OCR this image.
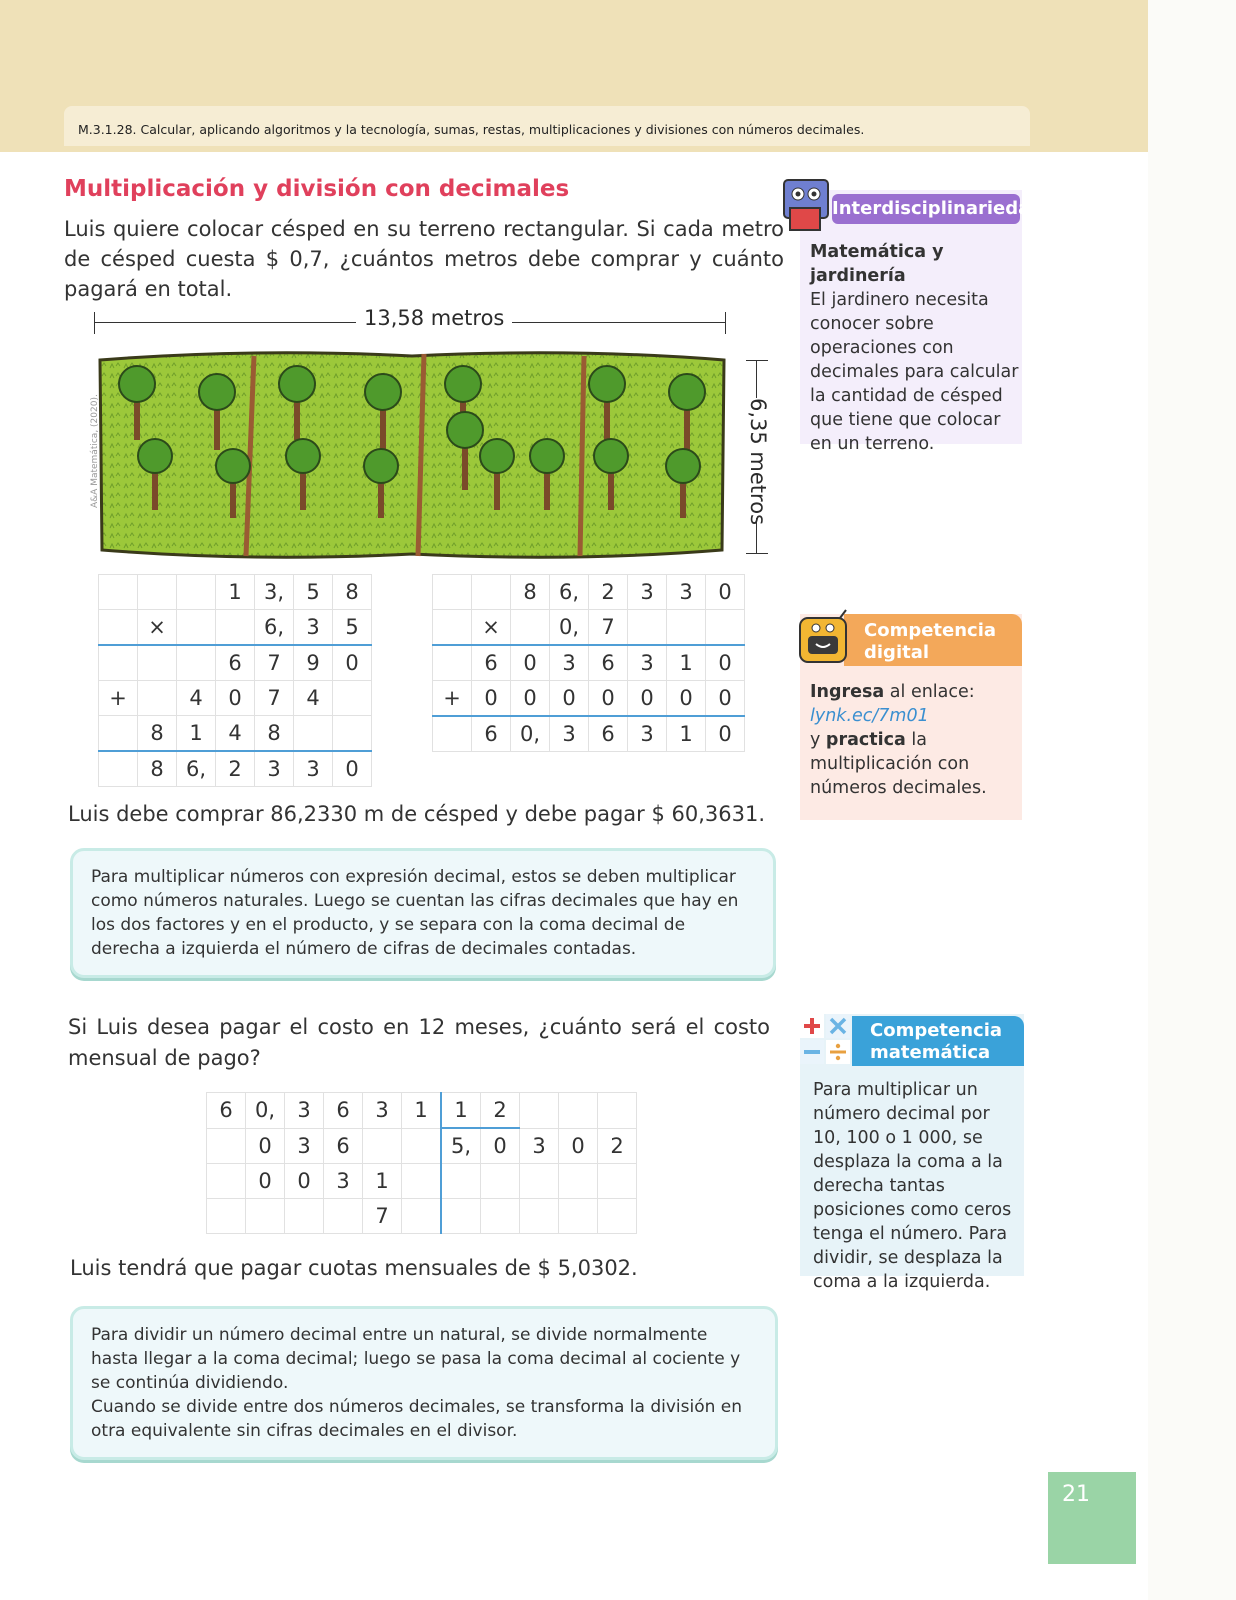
M.3.1.28. Calcular, aplicando algoritmos y la tecnología, sumas, restas, multiplicaciones y divisiones con números decimales.
Multiplicación y división con decimales
Luis quiere colocar césped en su terreno rectangular. Si cada metro de césped cuesta $ 0,7, ¿cuántos metros debe comprar y cuánto pagará en total.
13,58 metros
6,35 metros
A&A Matemática, (2020).
			1	3,	5	8
	×			6,	3	5
			6	7	9	0
+		4	0	7	4	
	8	1	4	8		
	8	6,	2	3	3	0
		8	6,	2	3	3	0
	×		0,	7			
	6	0	3	6	3	1	0
+	0	0	0	0	0	0	0
	6	0,	3	6	3	1	0
Luis debe comprar 86,2330 m de césped y debe pagar $ 60,3631.
Para multiplicar números con expresión decimal, estos se deben multiplicar como números naturales. Luego se cuentan las cifras decimales que hay en los dos factores y en el producto, y se separa con la coma decimal de derecha a izquierda el número de cifras de decimales contadas.
Si Luis desea pagar el costo en 12 meses, ¿cuánto será el costo mensual de pago?
6	0,	3	6	3	1	1	2			
	0	3	6			5,	0	3	0	2
	0	0	3	1						
				7						
Luis tendrá que pagar cuotas mensuales de $ 5,0302.
Para dividir un número decimal entre un natural, se divide normalmente hasta llegar a la coma decimal; luego se pasa la coma decimal al cociente y se continúa dividiendo.
Cuando se divide entre dos números decimales, se transforma la división en otra equivalente sin cifras decimales en el divisor.
Interdisciplinariedad
Matemática y jardinería
El jardinero necesita conocer sobre operaciones con decimales para calcular la cantidad de césped que tiene que colocar en un terreno.
Competencia
digital
Ingresa al enlace:
lynk.ec/7m01
y practica la multiplicación con números decimales.
Competencia
matemática
Para multiplicar un número decimal por 10, 100 o 1 000, se desplaza la coma a la derecha tantas posiciones como ceros tenga el número. Para dividir, se desplaza la coma a la izquierda.
21
